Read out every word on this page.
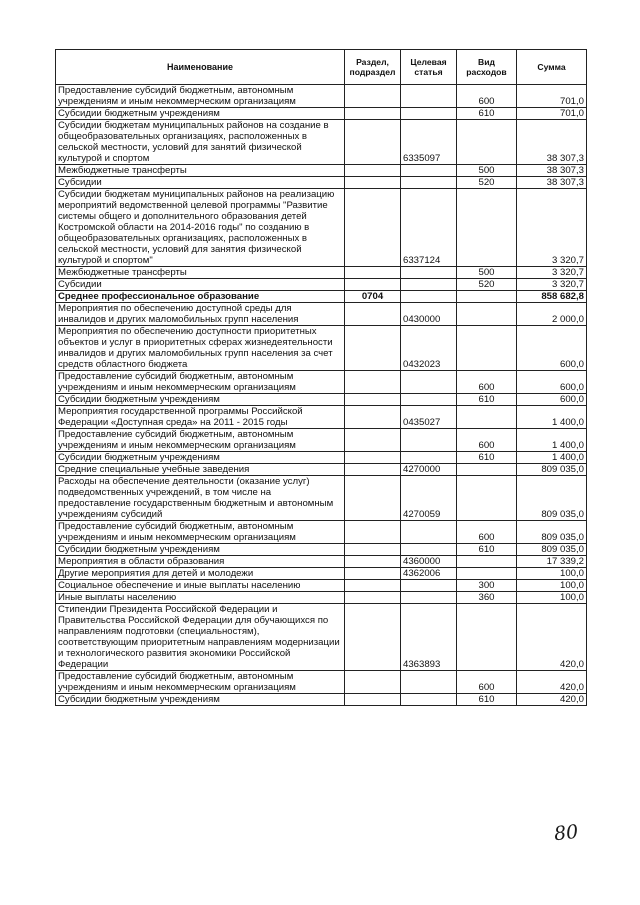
Наименование	Раздел, подраздел	Целевая статья	Вид расходов	Сумма
Предоставление субсидий бюджетным, автономным учреждениям и иным некоммерческим организациям			600	701,0
Субсидии бюджетным учреждениям			610	701,0
Субсидии бюджетам муниципальных районов на создание в общеобразовательных организациях, расположенных в сельской местности, условий для занятий физической культурой и спортом		6335097		38 307,3
Межбюджетные трансферты			500	38 307,3
Субсидии			520	38 307,3
Субсидии бюджетам муниципальных районов на реализацию мероприятий ведомственной целевой программы "Развитие системы общего и дополнительного образования детей Костромской области на 2014-2016 годы" по созданию в общеобразовательных организациях, расположенных в сельской местности, условий для занятия физической культурой и спортом"		6337124		3 320,7
Межбюджетные трансферты			500	3 320,7
Субсидии			520	3 320,7
Среднее профессиональное образование	0704			858 682,8
Мероприятия по обеспечению доступной среды для инвалидов и других маломобильных групп населения		0430000		2 000,0
Мероприятия по обеспечению доступности приоритетных объектов и услуг в приоритетных сферах жизнедеятельности инвалидов и других маломобильных групп населения за счет средств областного бюджета		0432023		600,0
Предоставление субсидий бюджетным, автономным учреждениям и иным некоммерческим организациям			600	600,0
Субсидии бюджетным учреждениям			610	600,0
Мероприятия государственной программы Российской Федерации «Доступная среда» на 2011 - 2015 годы		0435027		1 400,0
Предоставление субсидий бюджетным, автономным учреждениям и иным некоммерческим организациям			600	1 400,0
Субсидии бюджетным учреждениям			610	1 400,0
Средние специальные учебные заведения		4270000		809 035,0
Расходы на обеспечение деятельности (оказание услуг) подведомственных учреждений, в том числе на предоставление государственным бюджетным и автономным учреждениям субсидий		4270059		809 035,0
Предоставление субсидий бюджетным, автономным учреждениям и иным некоммерческим организациям			600	809 035,0
Субсидии бюджетным учреждениям			610	809 035,0
Мероприятия в области образования		4360000		17 339,2
Другие мероприятия для детей и молодежи		4362006		100,0
Социальное обеспечение и иные выплаты населению			300	100,0
Иные выплаты населению			360	100,0
Стипендии Президента Российской Федерации и Правительства Российской Федерации для обучающихся по направлениям подготовки (специальностям), соответствующим приоритетным направлениям модернизации и технологического развития экономики Российской Федерации		4363893		420,0
Предоставление субсидий бюджетным, автономным учреждениям и иным некоммерческим организациям			600	420,0
Субсидии бюджетным учреждениям			610	420,0
80
